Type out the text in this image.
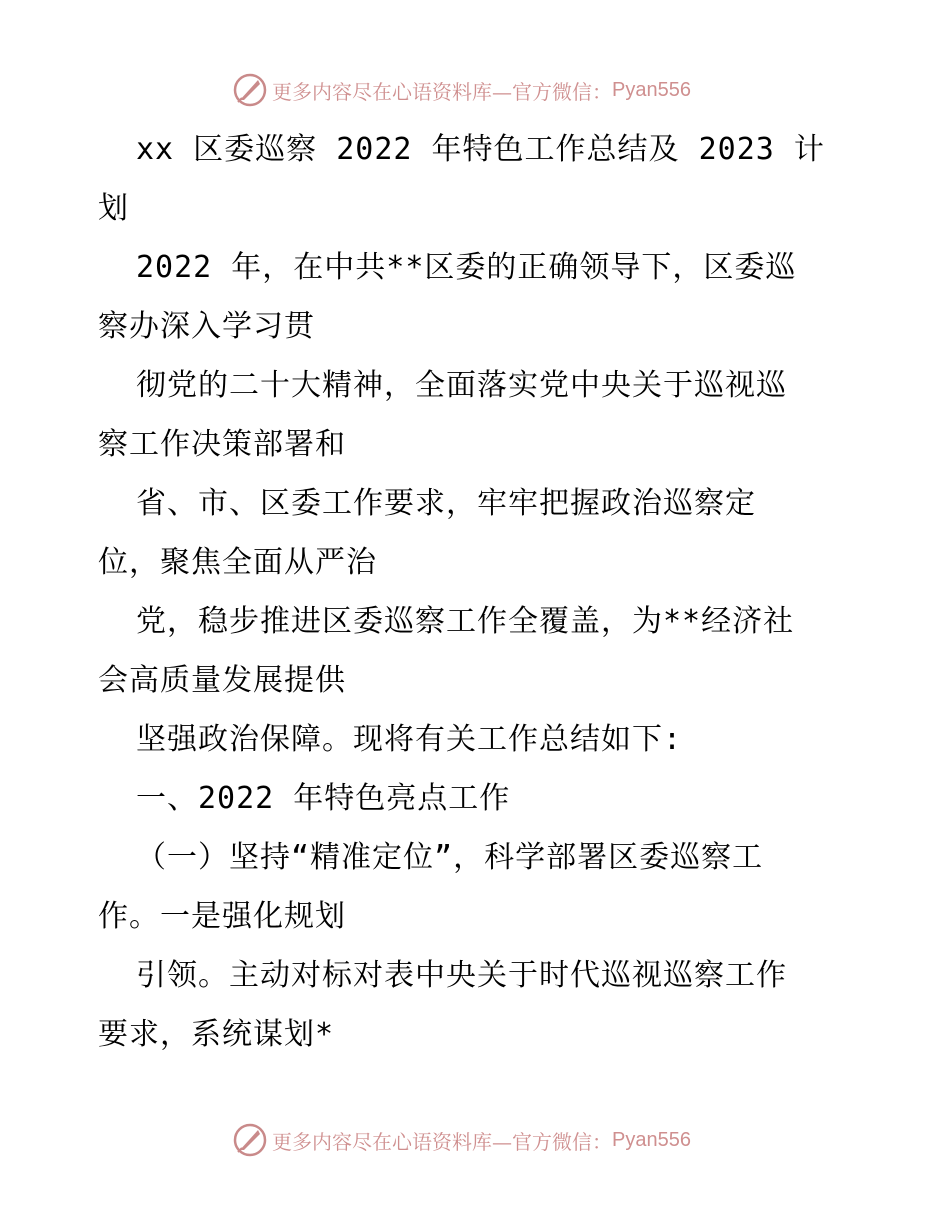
更多内容尽在心语资料库—官方微信： Pyan556
xx 区委巡察 2022 年特色工作总结及 2023 计
划
2022 年，在中共**区委的正确领导下，区委巡
察办深入学习贯
彻党的二十大精神，全面落实党中央关于巡视巡
察工作决策部署和
省、市、区委工作要求，牢牢把握政治巡察定
位，聚焦全面从严治
党，稳步推进区委巡察工作全覆盖，为**经济社
会高质量发展提供
坚强政治保障。现将有关工作总结如下:
一、2022 年特色亮点工作
（一）坚持“精准定位”，科学部署区委巡察工
作。一是强化规划
引领。主动对标对表中央关于时代巡视巡察工作
要求，系统谋划*
更多内容尽在心语资料库—官方微信： Pyan556
